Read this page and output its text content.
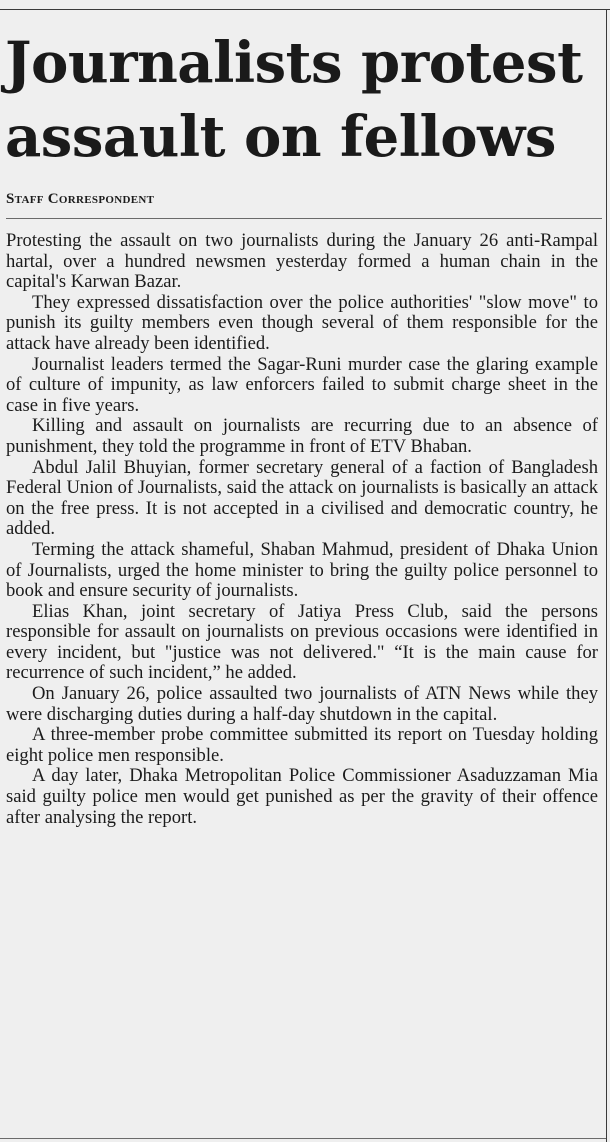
Journalists protest
assault on fellows
Staff Correspondent

Protesting the assault on two journalists during the January 26 anti-Rampal hartal, over a hundred newsmen yesterday formed a human chain in the capital's Karwan Bazar.

They expressed dissatisfaction over the police authorities' "slow move" to punish its guilty members even though several of them responsible for the attack have already been identified.

Journalist leaders termed the Sagar-Runi murder case the glaring example of culture of impunity, as law enforcers failed to submit charge sheet in the case in five years.

Killing and assault on journalists are recurring due to an absence of punishment, they told the programme in front of ETV Bhaban.

Abdul Jalil Bhuyian, former secretary general of a faction of Bangladesh Federal Union of Journalists, said the attack on journalists is basically an attack on the free press. It is not accepted in a civilised and democratic country, he added.

Terming the attack shameful, Shaban Mahmud, president of Dhaka Union of Journalists, urged the home minister to bring the guilty police personnel to book and ensure security of journalists.

Elias Khan, joint secretary of Jatiya Press Club, said the persons responsible for assault on journalists on previous occasions were identified in every incident, but "justice was not delivered." “It is the main cause for recurrence of such incident,” he added.

On January 26, police assaulted two journalists of ATN News while they were discharging duties during a half-day shutdown in the capital.

A three-member probe committee submitted its report on Tuesday holding eight police men responsible.

A day later, Dhaka Metropolitan Police Commissioner Asaduzzaman Mia said guilty police men would get punished as per the gravity of their offence after analysing the report.
